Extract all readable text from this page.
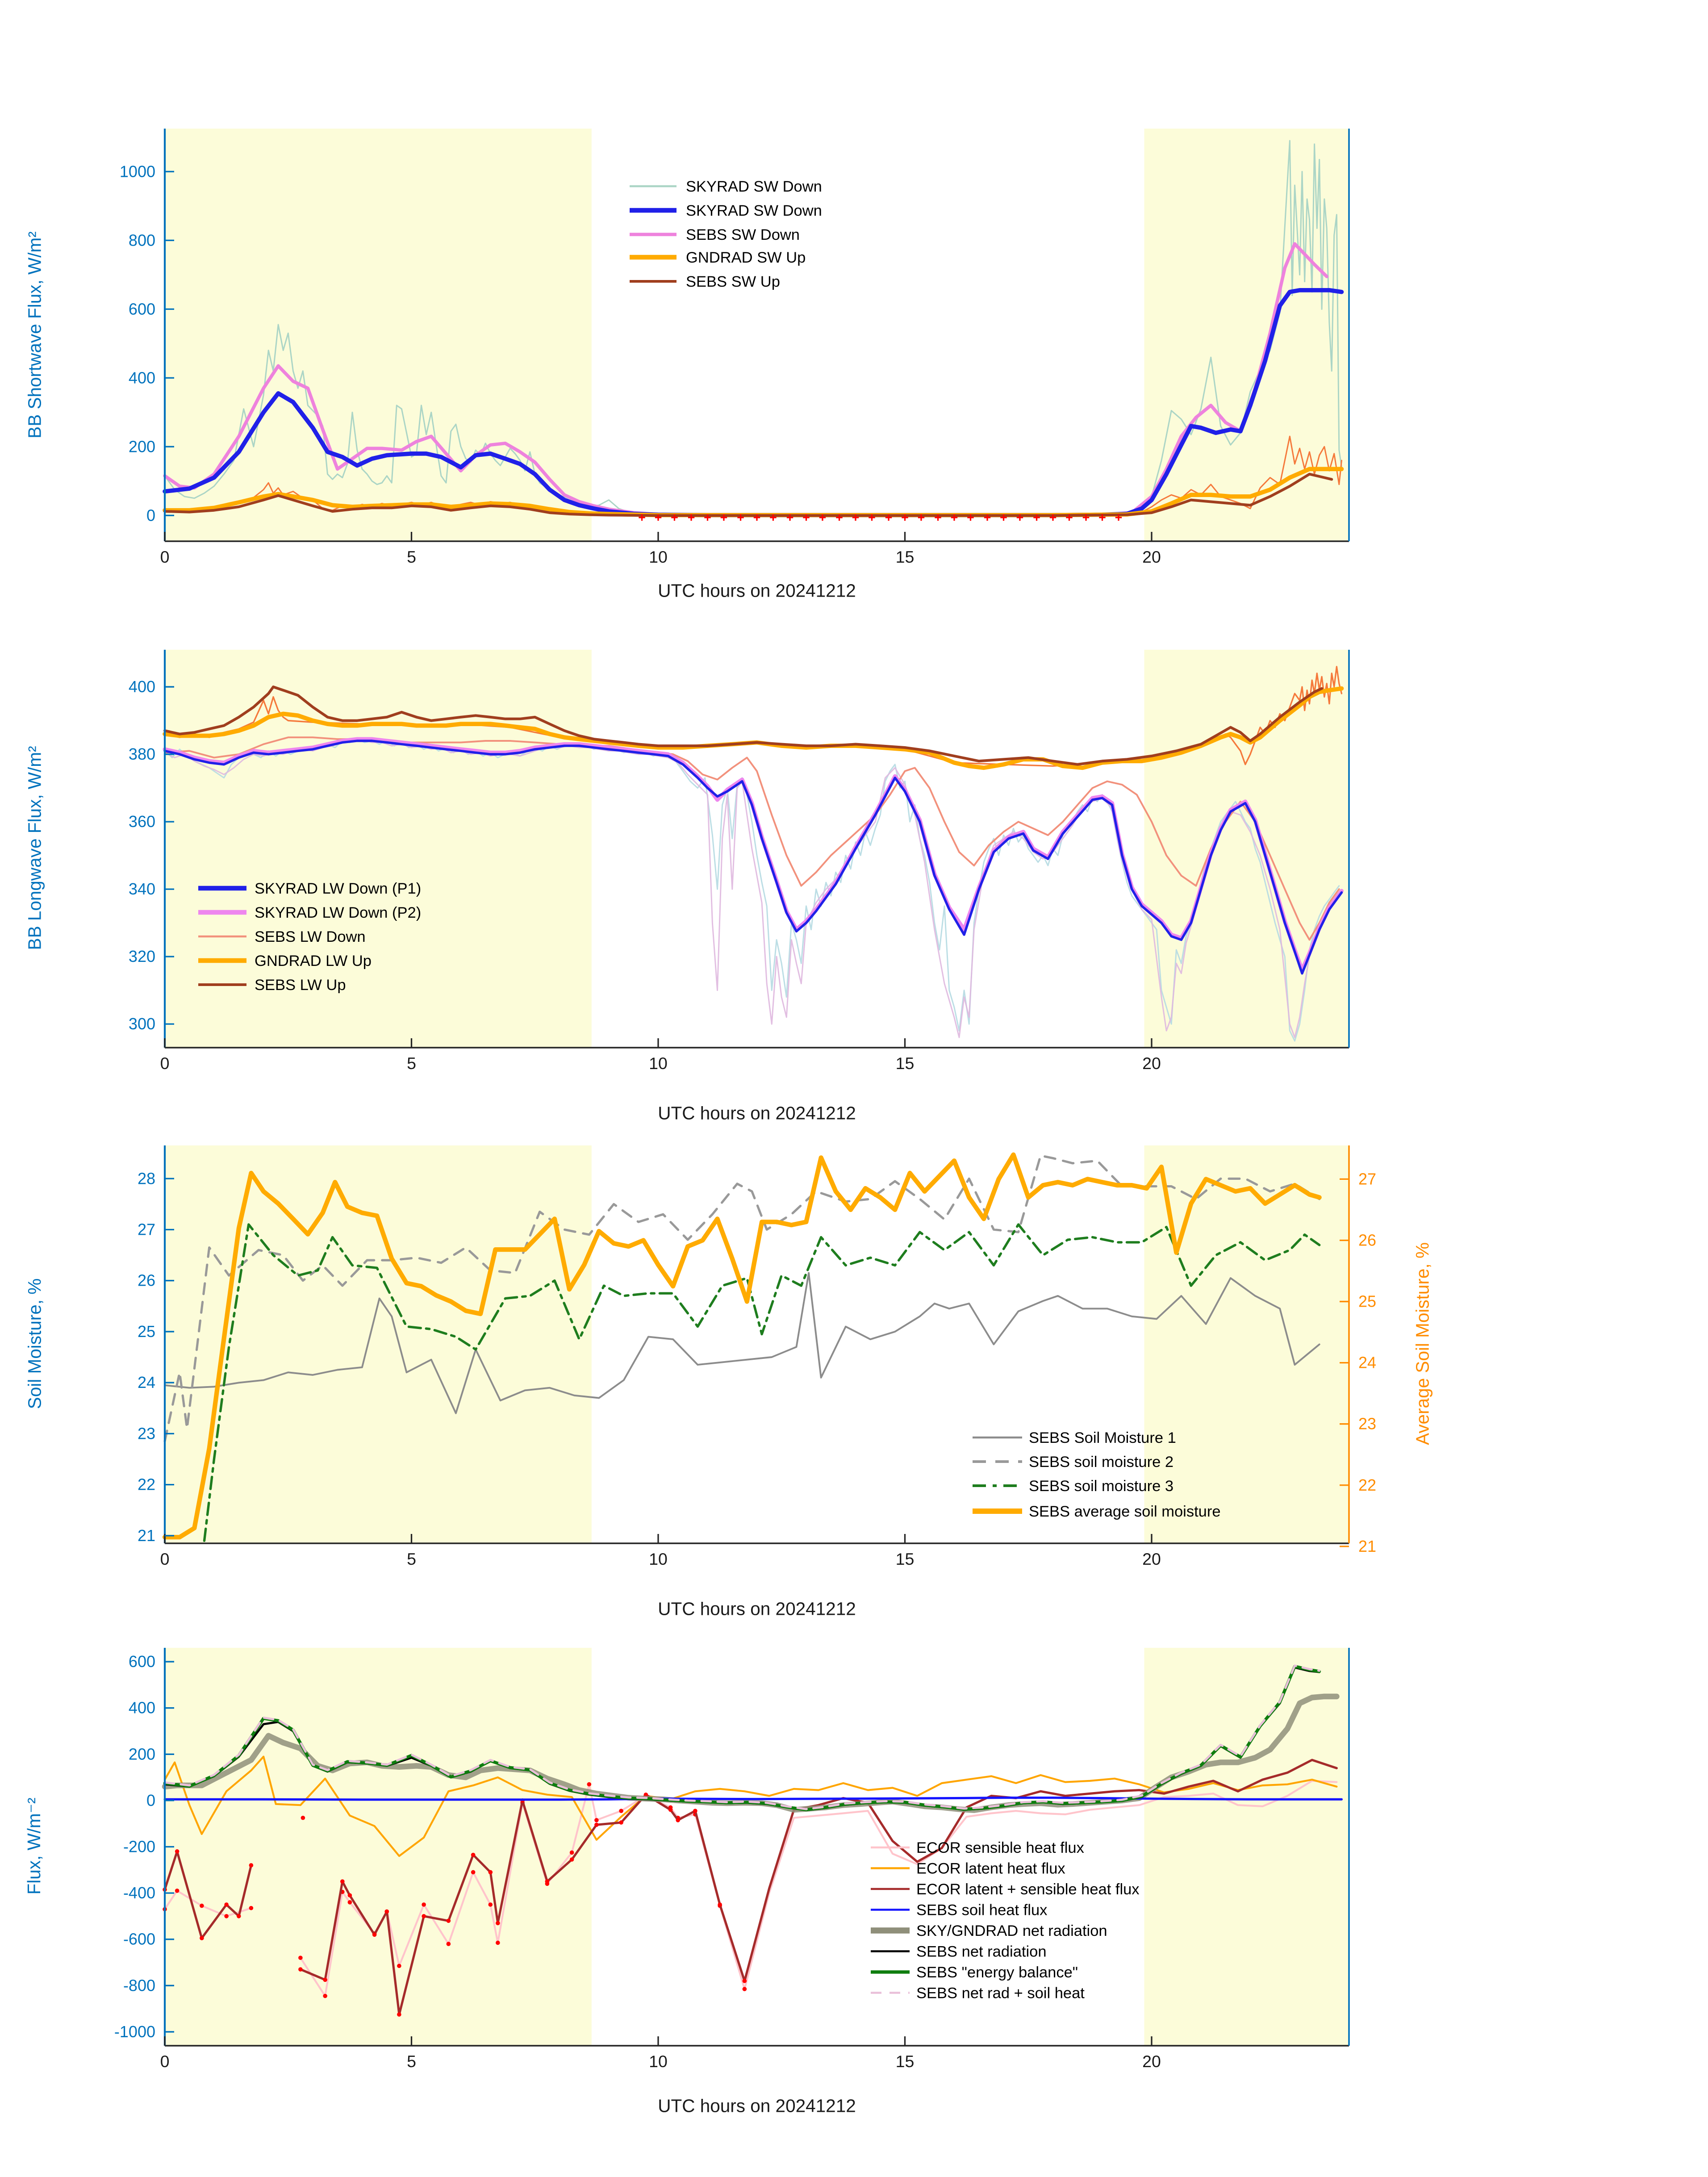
0	5	10	15	20
0
200
400
600
800
1000
SKYRAD SW Down
SKYRAD SW Down
SEBS SW Down
GNDRAD SW Up
SEBS SW Up
0	5	10	15	20
300
320
340
360
380
400
SKYRAD LW Down (P1)
SKYRAD LW Down (P2)
SEBS LW Down
GNDRAD LW Up
SEBS LW Up
0	5	10	15	20
21
22
23
24
25
26
27
28
21
22
23
24
25
26
27
SEBS Soil Moisture 1
SEBS soil moisture 2
SEBS soil moisture 3
SEBS average soil moisture
0	5	10	15	20
-1000
-800
-600
-400
-200
0
200
400
600
ECOR sensible heat flux
ECOR latent heat flux
ECOR latent + sensible heat flux
SEBS soil heat flux
SKY/GNDRAD net radiation
SEBS net radiation
SEBS "energy balance"
SEBS net rad + soil heat
BB Shortwave Flux, W/m²
BB Longwave Flux, W/m²
Soil Moisture, %	Average Soil Moisture, %
Flux, W/m⁻²
UTC hours on 20241212
UTC hours on 20241212
UTC hours on 20241212
UTC hours on 20241212
